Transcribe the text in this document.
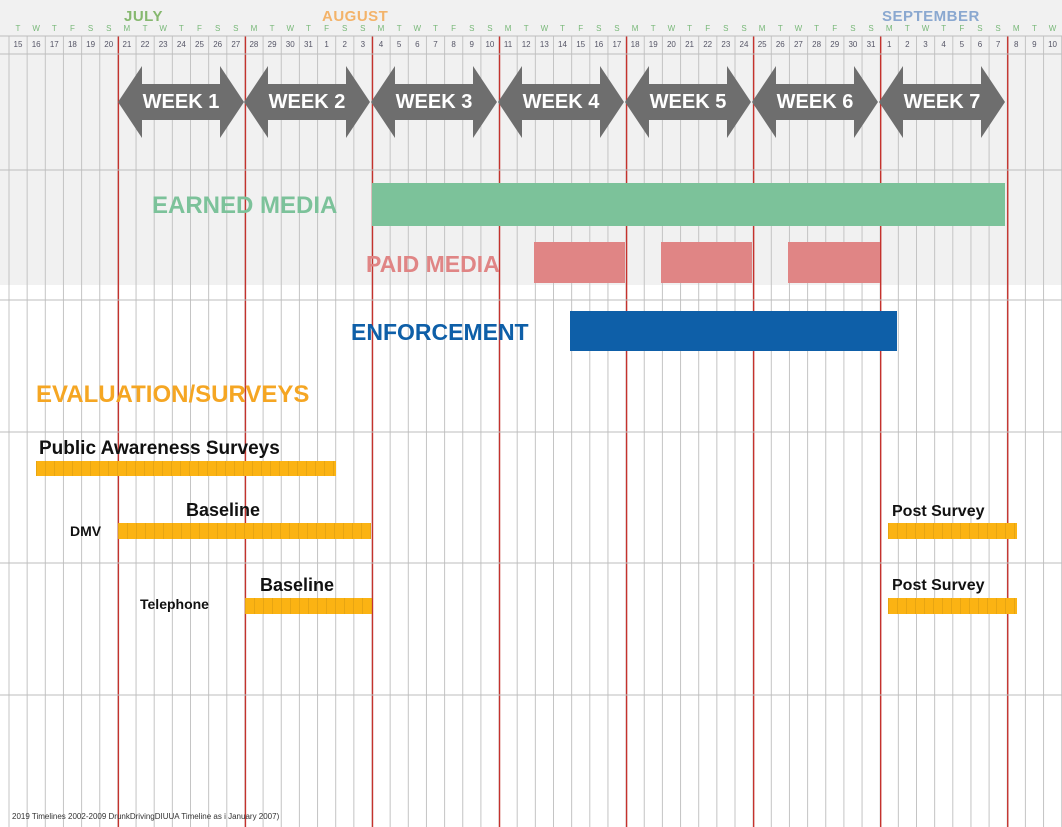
JULY	AUGUST	SEPTEMBER
WEEK 1	WEEK 2	WEEK 3	WEEK 4	WEEK 5	WEEK 6	WEEK 7
EARNED MEDIA
PAID MEDIA
ENFORCEMENT
EVALUATION/SURVEYS
Public Awareness Surveys
Baseline
DMV
Post Survey
Baseline
Telephone
Post Survey
2019 Timelines 2002-2009 DrunkDrivingDIUUA Timeline as i January 2007)
T	W	T	F	S	S	M	T	W	T	F	S	S	M	T	W	T	F	S	S	M	T	W	T	F	S	S	M	T	W	T	F	S	S	M	T	W	T	F	S	S	M	T	W	T	F	S	S	M	T	W	T	F	S	S	M	T	W
15	16	17	18	19	20	21	22	23	24	25	26	27	28	29	30	31	1	2	3	4	5	6	7	8	9	10	11	12	13	14	15	16	17	18	19	20	21	22	23	24	25	26	27	28	29	30	31	1	2	3	4	5	6	7	8	9	10
